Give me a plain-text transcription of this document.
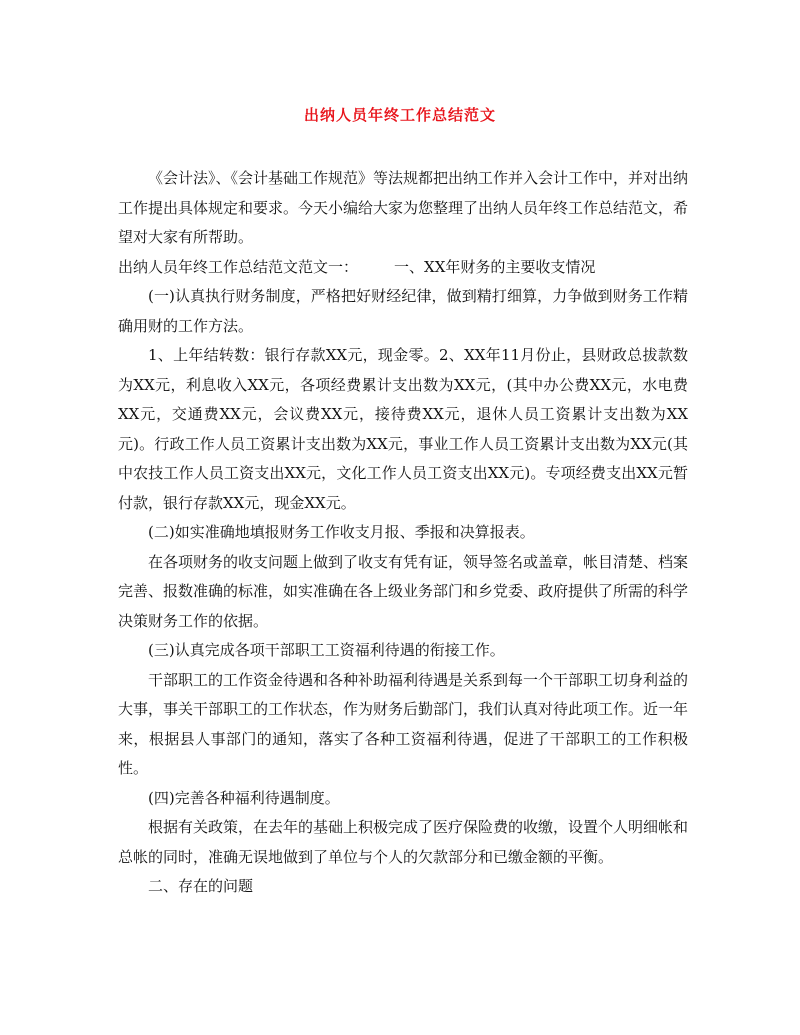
出纳人员年终工作总结范文

《会计法》、《会计基础工作规范》等法规都把出纳工作并入会计工作中，并对出纳工作提出具体规定和要求。今天小编给大家为您整理了出纳人员年终工作总结范文，希望对大家有所帮助。

出纳人员年终工作总结范文范文一： 一、XX年财务的主要收支情况

(一)认真执行财务制度，严格把好财经纪律，做到精打细算，力争做到财务工作精确用财的工作方法。

1、上年结转数：银行存款XX元，现金零。2、XX年11月份止，县财政总拔款数为XX元，利息收入XX元，各项经费累计支出数为XX元，(其中办公费XX元，水电费XX元，交通费XX元，会议费XX元，接待费XX元，退休人员工资累计支出数为XX元)。行政工作人员工资累计支出数为XX元，事业工作人员工资累计支出数为XX元(其中农技工作人员工资支出XX元，文化工作人员工资支出XX元)。专项经费支出XX元暂付款，银行存款XX元，现金XX元。

(二)如实准确地填报财务工作收支月报、季报和决算报表。

在各项财务的收支问题上做到了收支有凭有证，领导签名或盖章，帐目清楚、档案完善、报数准确的标准，如实准确在各上级业务部门和乡党委、政府提供了所需的科学决策财务工作的依据。

(三)认真完成各项干部职工工资福利待遇的衔接工作。

干部职工的工作资金待遇和各种补助福利待遇是关系到每一个干部职工切身利益的大事，事关干部职工的工作状态，作为财务后勤部门，我们认真对待此项工作。近一年来，根据县人事部门的通知，落实了各种工资福利待遇，促进了干部职工的工作积极性。

(四)完善各种福利待遇制度。

根据有关政策，在去年的基础上积极完成了医疗保险费的收缴，设置个人明细帐和总帐的同时，准确无误地做到了单位与个人的欠款部分和已缴金额的平衡。

二、存在的问题
